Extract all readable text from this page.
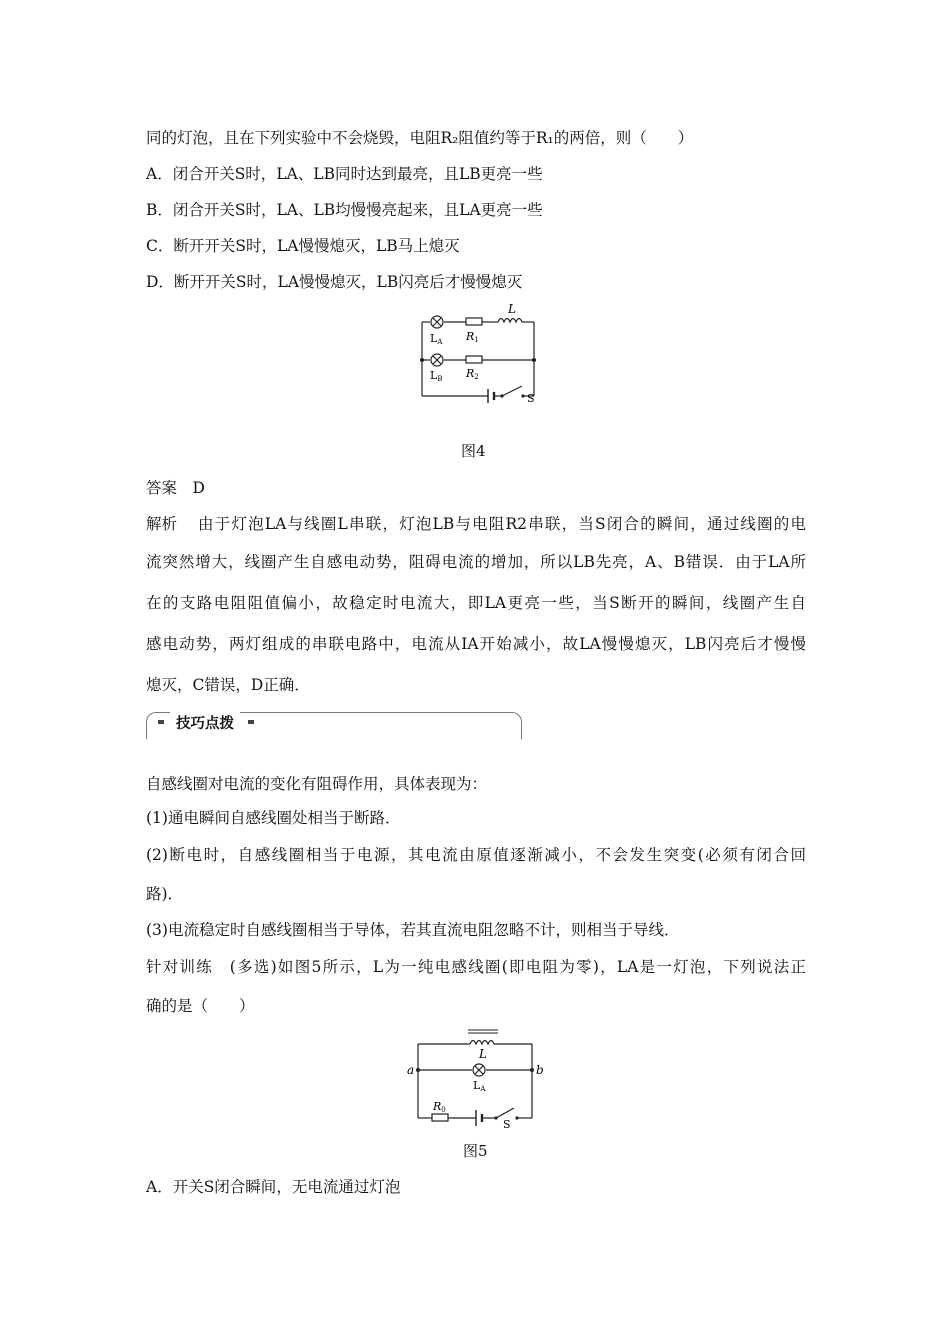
同的灯泡，且在下列实验中不会烧毁，电阻R₂阻值约等于R₁的两倍，则（　　）
A．闭合开关S时，LA、LB同时达到最亮，且LB更亮一些
B．闭合开关S时，LA、LB均慢慢亮起来，且LA更亮一些
C．断开开关S时，LA慢慢熄灭，LB马上熄灭
D．断开开关S时，LA慢慢熄灭，LB闪亮后才慢慢熄灭
LA
LB
R1
R2
L
S
图4
答案　D
解析 由于灯泡LA与线圈L串联，灯泡LB与电阻R2串联，当S闭合的瞬间，通过线圈的电
流突然增大，线圈产生自感电动势，阻碍电流的增加，所以LB先亮，A、B错误．由于LA所
在的支路电阻阻值偏小，故稳定时电流大，即LA更亮一些，当S断开的瞬间，线圈产生自
感电动势，两灯组成的串联电路中，电流从IA开始减小，故LA慢慢熄灭，LB闪亮后才慢慢
熄灭，C错误，D正确．
技巧点拨
自感线圈对电流的变化有阻碍作用，具体表现为：
(1)通电瞬间自感线圈处相当于断路．
(2)断电时，自感线圈相当于电源，其电流由原值逐渐减小，不会发生突变(必须有闭合回
路)．
(3)电流稳定时自感线圈相当于导体，若其直流电阻忽略不计，则相当于导线．
针对训练　(多选)如图5所示，L为一纯电感线圈(即电阻为零)，LA是一灯泡，下列说法正
确的是（　　）
L
LA
a	b
R0
S
图5
A．开关S闭合瞬间，无电流通过灯泡
